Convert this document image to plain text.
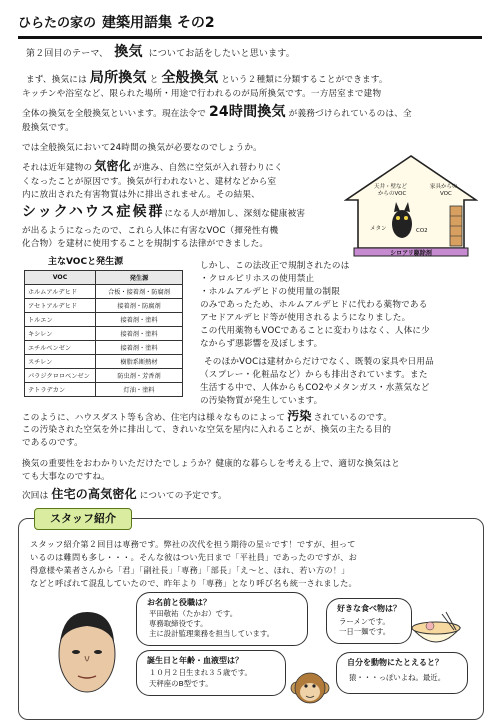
ひらたの家の 建築用語集 その2
第２回目のテーマ、 換気 についてお話をしたいと思います。
まず、換気には 局所換気 と 全般換気 という２種類に分類することができます。
キッチンや浴室など、限られた場所・用途で行われるのが局所換気です。一方居室まで建物
全体の換気を全般換気といいます。現在法令で 24時間換気 が義務づけられているのは、全
般換気です。
では全般換気において24時間の換気が必要なのでしょうか。
それは近年建物の 気密化 が進み、自然に空気が入れ替わりにく
くなったことが原因です。換気が行われないと、建材などから室
内に放出された有害物質は外に排出されません。その結果、
シックハウス症候群になる人が増加し、深刻な健康被害
が出るようになったので、これら人体に有害なVOC（揮発性有機
化合物）を建材に使用することを規制する法律ができました。
シロアリ駆除剤
天井・壁など
からのVOC
家具からの
VOC
メタン	CO2
主なVOCと発生源
VOC	発生源
ホルムアルデヒド	合板・接着剤・防腐剤
アセトアルデヒド	接着剤・防腐剤
トルエン	接着剤・塗料
キシレン	接着剤・塗料
エチルベンゼン	接着剤・塗料
スチレン	樹脂系断熱材
パラジクロロベンゼン	防虫剤・芳香剤
テトラデカン	灯油・塗料
しかし、この法改正で規制されたのは
・クロルピリホスの使用禁止
・ホルムアルデヒドの使用量の制限
のみであったため、ホルムアルデヒドに代わる薬物である
アセドアルデヒド等が使用されるようになりました。
この代用薬物もVOCであることに変わりはなく、人体に少
なからず悪影響を及ぼします。
そのほかVOCは建材からだけでなく、既製の家具や日用品
（スプレー・化粧品など）からも排出されています。また
生活する中で、人体からもCO2やメタンガス・水蒸気など
の汚染物質が発生しています。
このように、ハウスダスト等も含め、住宅内は様々なものによって 汚染 されているのです。
この汚染された空気を外に排出して、きれいな空気を屋内に入れることが、換気の主たる目的
であるのです。
換気の重要性をおわかりいただけたでしょうか？健康的な暮らしを考える上で、適切な換気はと
ても大事なのですね。
次回は 住宅の高気密化 についての予定です。
スタッフ紹介
スタッフ紹介第２回目は専務です。弊社の次代を担う期待の星☆です！ですが、担って
いるのは難問も多し・・・。そんな彼はつい先日まで「平社員」であったのですが、お
得意様や業者さんから「君」「副社長」「専務」「部長」「え～と、ほれ、若い方の！」
などと呼ばれて混乱していたので、昨年より「専務」となり呼び名も統一されました。
お名前と役職は？
平田敬祐（たかお）です。
専務取締役です。
主に設計監理業務を担当しています。
好きな食べ物は？
ラーメンです。
一日一麺です。
誕生日と年齢・血液型は？
１０月２日生まれ３５歳です。
天秤座のB型です。
自分を動物にたとえると？
猿・・・っぽいよね。最近。
